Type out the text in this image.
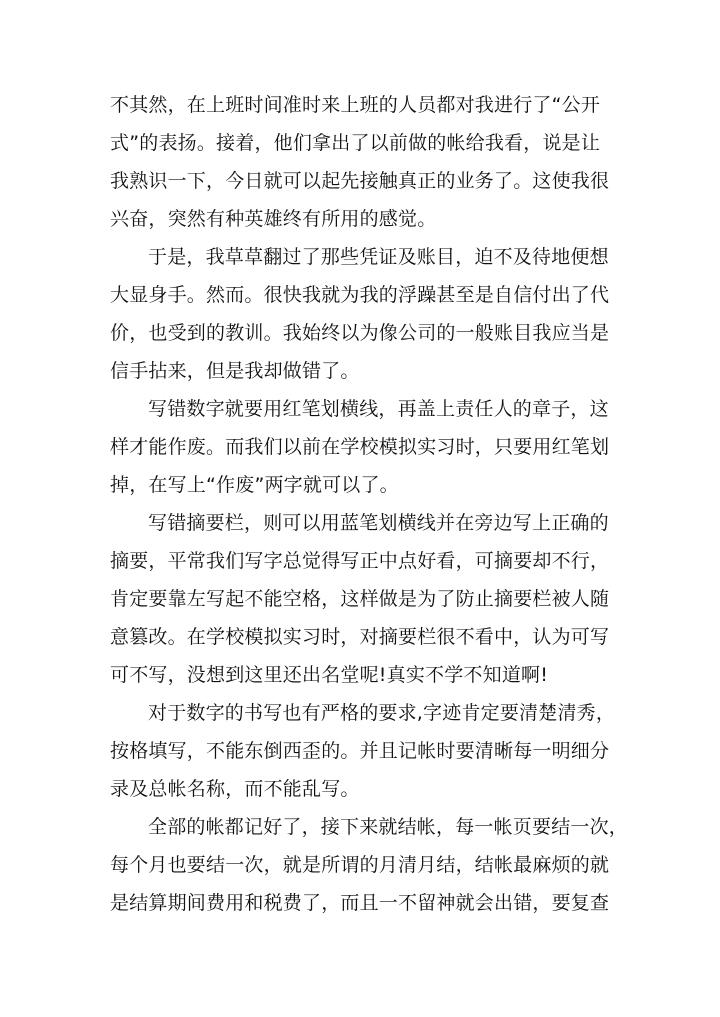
不其然，在上班时间准时来上班的人员都对我进行了“公开
式”的表扬。接着，他们拿出了以前做的帐给我看，说是让
我熟识一下，今日就可以起先接触真正的业务了。这使我很
兴奋，突然有种英雄终有所用的感觉。
于是，我草草翻过了那些凭证及账目，迫不及待地便想
大显身手。然而。很快我就为我的浮躁甚至是自信付出了代
价，也受到的教训。我始终以为像公司的一般账目我应当是
信手拈来，但是我却做错了。
写错数字就要用红笔划横线，再盖上责任人的章子，这
样才能作废。而我们以前在学校模拟实习时，只要用红笔划
掉，在写上“作废”两字就可以了。
写错摘要栏，则可以用蓝笔划横线并在旁边写上正确的
摘要，平常我们写字总觉得写正中点好看，可摘要却不行，
肯定要靠左写起不能空格，这样做是为了防止摘要栏被人随
意篡改。在学校模拟实习时，对摘要栏很不看中，认为可写
可不写，没想到这里还出名堂呢!真实不学不知道啊!
对于数字的书写也有严格的要求,字迹肯定要清楚清秀，
按格填写，不能东倒西歪的。并且记帐时要清晰每一明细分
录及总帐名称，而不能乱写。
全部的帐都记好了，接下来就结帐，每一帐页要结一次，
每个月也要结一次，就是所谓的月清月结，结帐最麻烦的就
是结算期间费用和税费了，而且一不留神就会出错，要复查
